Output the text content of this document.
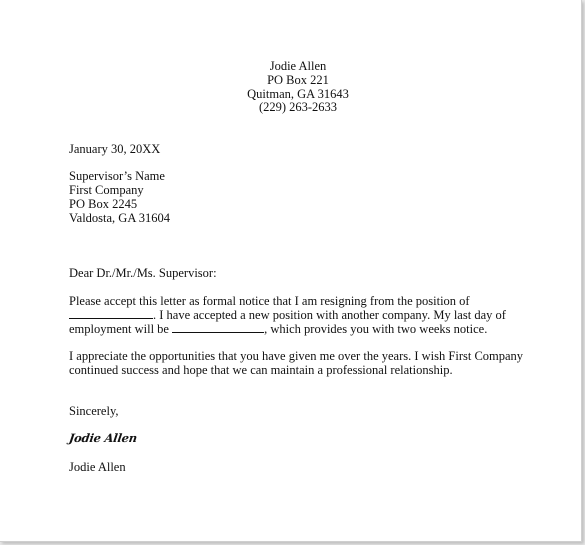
Jodie Allen
PO Box 221
Quitman, GA 31643
(229) 263-2633
January 30, 20XX
Supervisor’s Name
First Company
PO Box 2245
Valdosta, GA 31604
Dear Dr./Mr./Ms. Supervisor:
Please accept this letter as formal notice that I am resigning from the position of
. I have accepted a new position with another company. My last day of
employment will be	, which provides you with two weeks notice.
I appreciate the opportunities that you have given me over the years. I wish First Company
continued success and hope that we can maintain a professional relationship.
Sincerely,
Jodie Allen
Jodie Allen
